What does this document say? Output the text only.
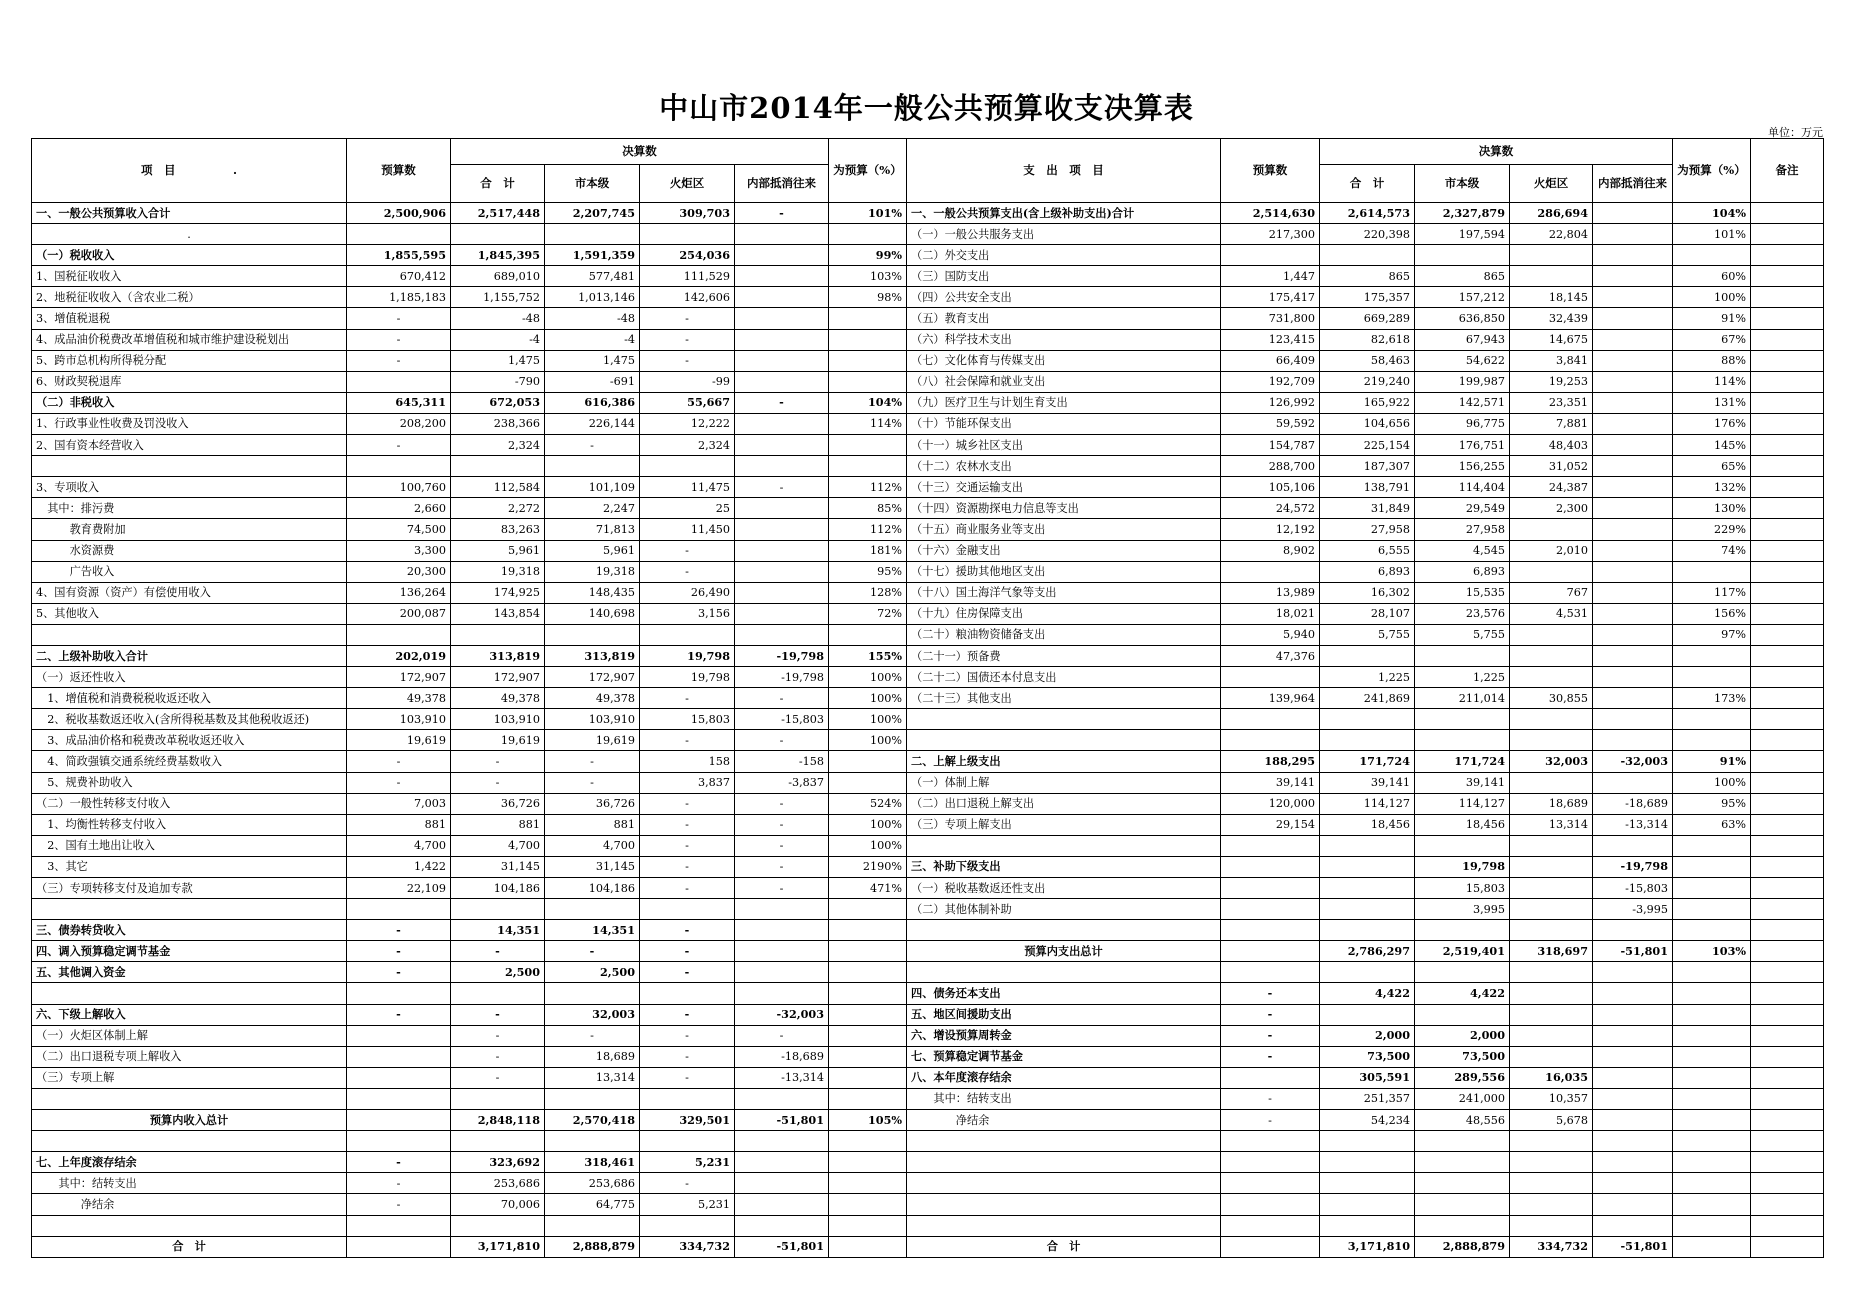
中山市2014年一般公共预算收支决算表
单位：万元
项　目　　　　　.	预算数	决算数				为预算（%）	支　出　项　目	预算数	决算数				为预算（%）	备注
		合　计	市本级	火炬区	内部抵消往来				合　计	市本级	火炬区	内部抵消往来		
一、一般公共预算收入合计	2,500,906	2,517,448	2,207,745	309,703	-	101%	一、一般公共预算支出(含上级补助支出)合计	2,514,630	2,614,573	2,327,879	286,694		104%	
.							（一）一般公共服务支出	217,300	220,398	197,594	22,804		101%	
（一）税收收入	1,855,595	1,845,395	1,591,359	254,036		99%	（二）外交支出							
1、国税征收收入	670,412	689,010	577,481	111,529		103%	（三）国防支出	1,447	865	865			60%	
2、地税征收收入（含农业二税）	1,185,183	1,155,752	1,013,146	142,606		98%	（四）公共安全支出	175,417	175,357	157,212	18,145		100%	
3、增值税退税	-	-48	-48	-			（五）教育支出	731,800	669,289	636,850	32,439		91%	
4、成品油价税费改革增值税和城市维护建设税划出	-	-4	-4	-			（六）科学技术支出	123,415	82,618	67,943	14,675		67%	
5、跨市总机构所得税分配	-	1,475	1,475	-			（七）文化体育与传媒支出	66,409	58,463	54,622	3,841		88%	
6、财政契税退库		-790	-691	-99			（八）社会保障和就业支出	192,709	219,240	199,987	19,253		114%	
（二）非税收入	645,311	672,053	616,386	55,667	-	104%	（九）医疗卫生与计划生育支出	126,992	165,922	142,571	23,351		131%	
1、行政事业性收费及罚没收入	208,200	238,366	226,144	12,222		114%	（十）节能环保支出	59,592	104,656	96,775	7,881		176%	
2、国有资本经营收入	-	2,324	-	2,324			（十一）城乡社区支出	154,787	225,154	176,751	48,403		145%	
							（十二）农林水支出	288,700	187,307	156,255	31,052		65%	
3、专项收入	100,760	112,584	101,109	11,475	-	112%	（十三）交通运输支出	105,106	138,791	114,404	24,387		132%	
　其中：排污费	2,660	2,272	2,247	25		85%	（十四）资源勘探电力信息等支出	24,572	31,849	29,549	2,300		130%	
　　　教育费附加	74,500	83,263	71,813	11,450		112%	（十五）商业服务业等支出	12,192	27,958	27,958			229%	
　　　水资源费	3,300	5,961	5,961	-		181%	（十六）金融支出	8,902	6,555	4,545	2,010		74%	
　　　广告收入	20,300	19,318	19,318	-		95%	（十七）援助其他地区支出		6,893	6,893				
4、国有资源（资产）有偿使用收入	136,264	174,925	148,435	26,490		128%	（十八）国土海洋气象等支出	13,989	16,302	15,535	767		117%	
5、其他收入	200,087	143,854	140,698	3,156		72%	（十九）住房保障支出	18,021	28,107	23,576	4,531		156%	
							（二十）粮油物资储备支出	5,940	5,755	5,755			97%	
二、上级补助收入合计	202,019	313,819	313,819	19,798	-19,798	155%	（二十一）预备费	47,376						
（一）返还性收入	172,907	172,907	172,907	19,798	-19,798	100%	（二十二）国债还本付息支出		1,225	1,225				
　1、增值税和消费税税收返还收入	49,378	49,378	49,378	-	-	100%	（二十三）其他支出	139,964	241,869	211,014	30,855		173%	
　2、税收基数返还收入(含所得税基数及其他税收返还)	103,910	103,910	103,910	15,803	-15,803	100%								
　3、成品油价格和税费改革税收返还收入	19,619	19,619	19,619	-	-	100%								
　4、简政强镇交通系统经费基数收入	-	-	-	158	-158		二、上解上级支出	188,295	171,724	171,724	32,003	-32,003	91%	
　5、规费补助收入	-	-	-	3,837	-3,837		（一）体制上解	39,141	39,141	39,141			100%	
（二）一般性转移支付收入	7,003	36,726	36,726	-	-	524%	（二）出口退税上解支出	120,000	114,127	114,127	18,689	-18,689	95%	
　1、均衡性转移支付收入	881	881	881	-	-	100%	（三）专项上解支出	29,154	18,456	18,456	13,314	-13,314	63%	
　2、国有土地出让收入	4,700	4,700	4,700	-	-	100%								
　3、其它	1,422	31,145	31,145	-	-	2190%	三、补助下级支出			19,798		-19,798		
（三）专项转移支付及追加专款	22,109	104,186	104,186	-	-	471%	（一）税收基数返还性支出			15,803		-15,803		
							（二）其他体制补助			3,995		-3,995		
三、债券转贷收入	-	14,351	14,351	-										
四、调入预算稳定调节基金	-	-	-	-			预算内支出总计		2,786,297	2,519,401	318,697	-51,801	103%	
五、其他调入资金	-	2,500	2,500	-										
							四、债务还本支出	-	4,422	4,422				
六、下级上解收入	-	-	32,003	-	-32,003		五、地区间援助支出	-						
（一）火炬区体制上解		-	-	-	-		六、增设预算周转金	-	2,000	2,000				
（二）出口退税专项上解收入		-	18,689	-	-18,689		七、预算稳定调节基金	-	73,500	73,500				
（三）专项上解		-	13,314	-	-13,314		八、本年度滚存结余		305,591	289,556	16,035			
							　　其中：结转支出	-	251,357	241,000	10,357			
预算内收入总计		2,848,118	2,570,418	329,501	-51,801	105%	　　　　净结余	-	54,234	48,556	5,678			

七、上年度滚存结余	-	323,692	318,461	5,231										
　　其中：结转支出	-	253,686	253,686	-										
　　　　净结余	-	70,006	64,775	5,231										

合　计		3,171,810	2,888,879	334,732	-51,801		合　计		3,171,810	2,888,879	334,732	-51,801		
